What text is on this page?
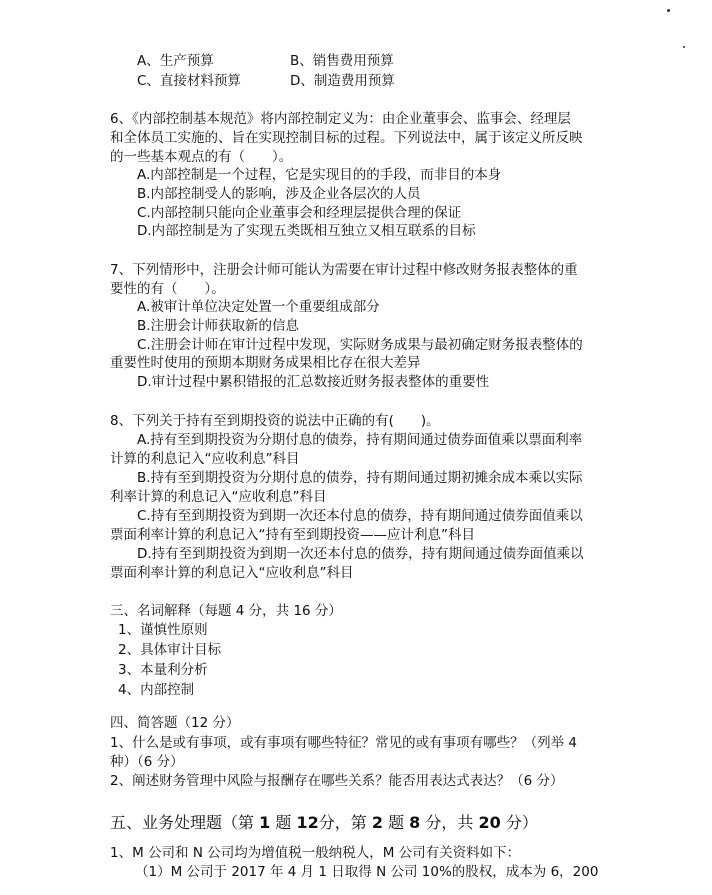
A、生产预算	B、销售费用预算
C、直接材料预算	D、制造费用预算
6、《内部控制基本规范》将内部控制定义为：由企业董事会、监事会、经理层
和全体员工实施的、旨在实现控制目标的过程。下列说法中，属于该定义所反映
的一些基本观点的有（　　）。
A.内部控制是一个过程，它是实现目的的手段，而非目的本身
B.内部控制受人的影响，涉及企业各层次的人员
C.内部控制只能向企业董事会和经理层提供合理的保证
D.内部控制是为了实现五类既相互独立又相互联系的目标
7、下列情形中，注册会计师可能认为需要在审计过程中修改财务报表整体的重
要性的有（　　）。
A.被审计单位决定处置一个重要组成部分
B.注册会计师获取新的信息
C.注册会计师在审计过程中发现，实际财务成果与最初确定财务报表整体的
重要性时使用的预期本期财务成果相比存在很大差异
D.审计过程中累积错报的汇总数接近财务报表整体的重要性
8、下列关于持有至到期投资的说法中正确的有(　　)。
A.持有至到期投资为分期付息的债券，持有期间通过债券面值乘以票面利率
计算的利息记入“应收利息”科目
B.持有至到期投资为分期付息的债券，持有期间通过期初摊余成本乘以实际
利率计算的利息记入“应收利息”科目
C.持有至到期投资为到期一次还本付息的债券，持有期间通过债券面值乘以
票面利率计算的利息记入“持有至到期投资——应计利息”科目
D.持有至到期投资为到期一次还本付息的债券，持有期间通过债券面值乘以
票面利率计算的利息记入“应收利息”科目
三、名词解释（每题 4 分，共 16 分）
1、谨慎性原则
2、具体审计目标
3、本量利分析
4、内部控制
四、简答题（12 分）
1、什么是或有事项，或有事项有哪些特征？常见的或有事项有哪些？（列举 4
种）（6 分）
2、阐述财务管理中风险与报酬存在哪些关系？能否用表达式表达？（6 分）
五、业务处理题（第 1 题 12分，第 2 题 8 分，共 20 分）
1、M 公司和 N 公司均为增值税一般纳税人，M 公司有关资料如下：
（1）M 公司于 2017 年 4 月 1 日取得 N 公司 10%的股权，成本为 6，200
